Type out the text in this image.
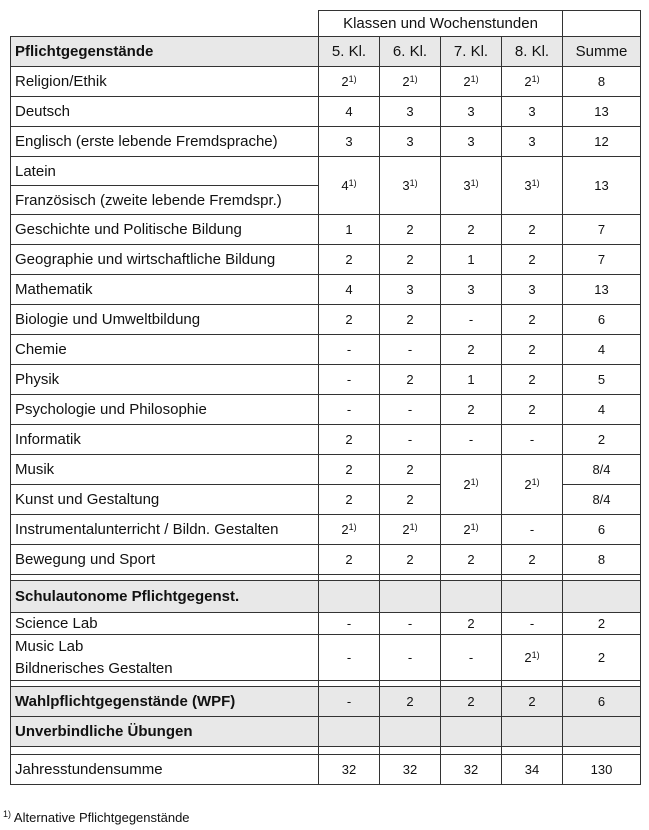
	Klassen und Wochenstunden				
Pflichtgegenstände	5. Kl.	6. Kl.	7. Kl.	8. Kl.	Summe
Religion/Ethik	2$^{1)}$	2$^{1)}$	2$^{1)}$	2$^{1)}$	8
Deutsch	4	3	3	3	13
Englisch (erste lebende Fremdsprache)	3	3	3	3	12
Latein	4$^{1)}$	3$^{1)}$	3$^{1)}$	3$^{1)}$	13
Französisch (zweite lebende Fremdspr.)					
Geschichte und Politische Bildung	1	2	2	2	7
Geographie und wirtschaftliche Bildung	2	2	1	2	7
Mathematik	4	3	3	3	13
Biologie und Umweltbildung	2	2	-	2	6
Chemie	-	-	2	2	4
Physik	-	2	1	2	5
Psychologie und Philosophie	-	-	2	2	4
Informatik	2	-	-	-	2
Musik	2	2	2$^{1)}$	2$^{1)}$	8/4
Kunst und Gestaltung	2	2			8/4
Instrumentalunterricht / Bildn. Gestalten	2$^{1)}$	2$^{1)}$	2$^{1)}$	-	6
Bewegung und Sport	2	2	2	2	8

Schulautonome Pflichtgegenst.					
Science Lab	-	-	2	-	2
Music Lab	-	-	-	2$^{1)}$	2
Bildnerisches Gestalten					

Wahlpflichtgegenstände (WPF)	-	2	2	2	6
Unverbindliche Übungen					

Jahresstundensumme	32	32	32	34	130
$^{1)}$ Alternative Pflichtgegenstände
